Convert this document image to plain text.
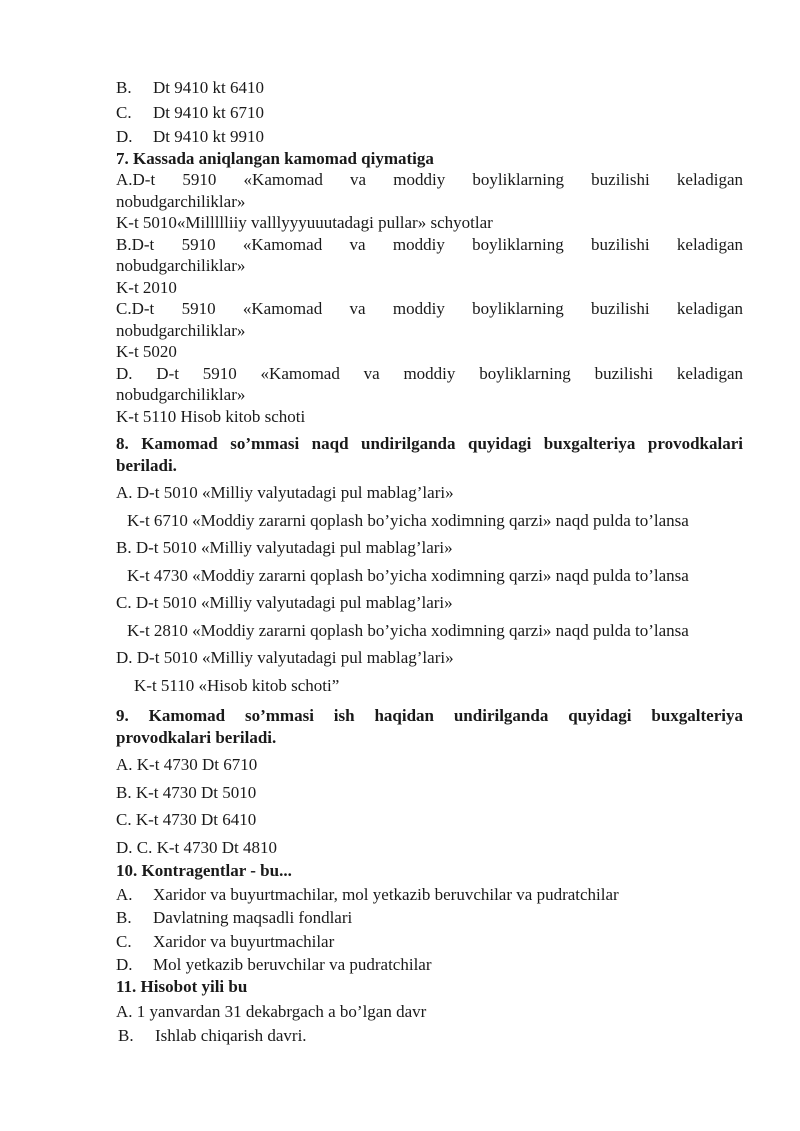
B.	Dt 9410 kt 6410
C.	Dt 9410 kt 6710
D.	Dt 9410 kt 9910
7. Kassada aniqlangan kamomad qiymatiga
A.D-t 5910 «Kamomad va moddiy boyliklarning buzilishi keladigan
nobudgarchiliklar»
K-t 5010«Millllliiy valllyyyuuutadagi pullar» schyotlar
B.D-t 5910 «Kamomad va moddiy boyliklarning buzilishi keladigan
nobudgarchiliklar»
K-t 2010
C.D-t 5910 «Kamomad va moddiy boyliklarning buzilishi keladigan
nobudgarchiliklar»
K-t 5020
D. D-t 5910 «Kamomad va moddiy boyliklarning buzilishi keladigan
nobudgarchiliklar»
K-t 5110 Hisob kitob schoti
8. Kamomad so’mmasi naqd undirilganda quyidagi buxgalteriya provodkalari
beriladi.
A. D-t 5010 «Milliy valyutadagi pul mablag’lari»
K-t 6710 «Moddiy zararni qoplash bo’yicha xodimning qarzi» naqd pulda to’lansa
B. D-t 5010 «Milliy valyutadagi pul mablag’lari»
K-t 4730 «Moddiy zararni qoplash bo’yicha xodimning qarzi» naqd pulda to’lansa
C. D-t 5010 «Milliy valyutadagi pul mablag’lari»
K-t 2810 «Moddiy zararni qoplash bo’yicha xodimning qarzi» naqd pulda to’lansa
D. D-t 5010 «Milliy valyutadagi pul mablag’lari»
K-t 5110 «Hisob kitob schoti”
9. Kamomad so’mmasi ish haqidan undirilganda quyidagi buxgalteriya
provodkalari beriladi.
A. K-t 4730 Dt 6710
B. K-t 4730 Dt 5010
C. K-t 4730 Dt 6410
D. C. K-t 4730 Dt 4810
10. Kontragentlar - bu...
A.	Xaridor va buyurtmachilar, mol yetkazib beruvchilar va pudratchilar
B.	Davlatning maqsadli fondlari
C.	Xaridor va buyurtmachilar
D.	Mol yetkazib beruvchilar va pudratchilar
11. Hisobot yili bu
A. 1 yanvardan 31 dekabrgach a bo’lgan davr
B.	Ishlab chiqarish davri.
